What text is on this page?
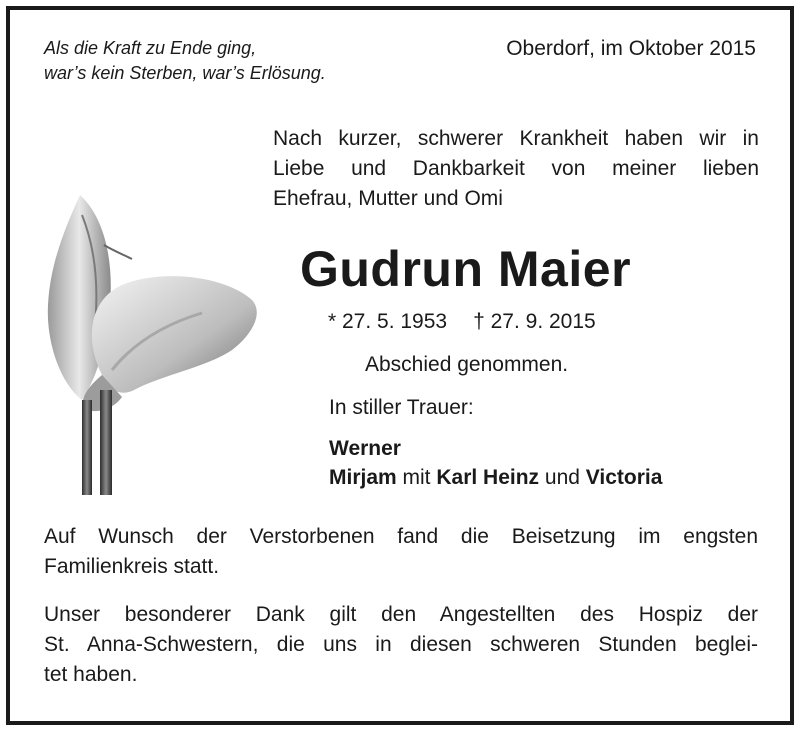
Als die Kraft zu Ende ging,
war’s kein Sterben, war’s Erlösung.
Oberdorf, im Oktober 2015
Nach kurzer, schwerer Krankheit haben wir in
Liebe und Dankbarkeit von meiner lieben
Ehefrau, Mutter und Omi
Gudrun Maier
* 27. 5. 1953 † 27. 9. 2015
Abschied genommen.
In stiller Trauer:
Werner
Mirjam mit Karl Heinz und Victoria
Auf Wunsch der Verstorbenen fand die Beisetzung im engsten
Familienkreis statt.
Unser besonderer Dank gilt den Angestellten des Hospiz der
St. Anna-Schwestern, die uns in diesen schweren Stunden beglei-
tet haben.
